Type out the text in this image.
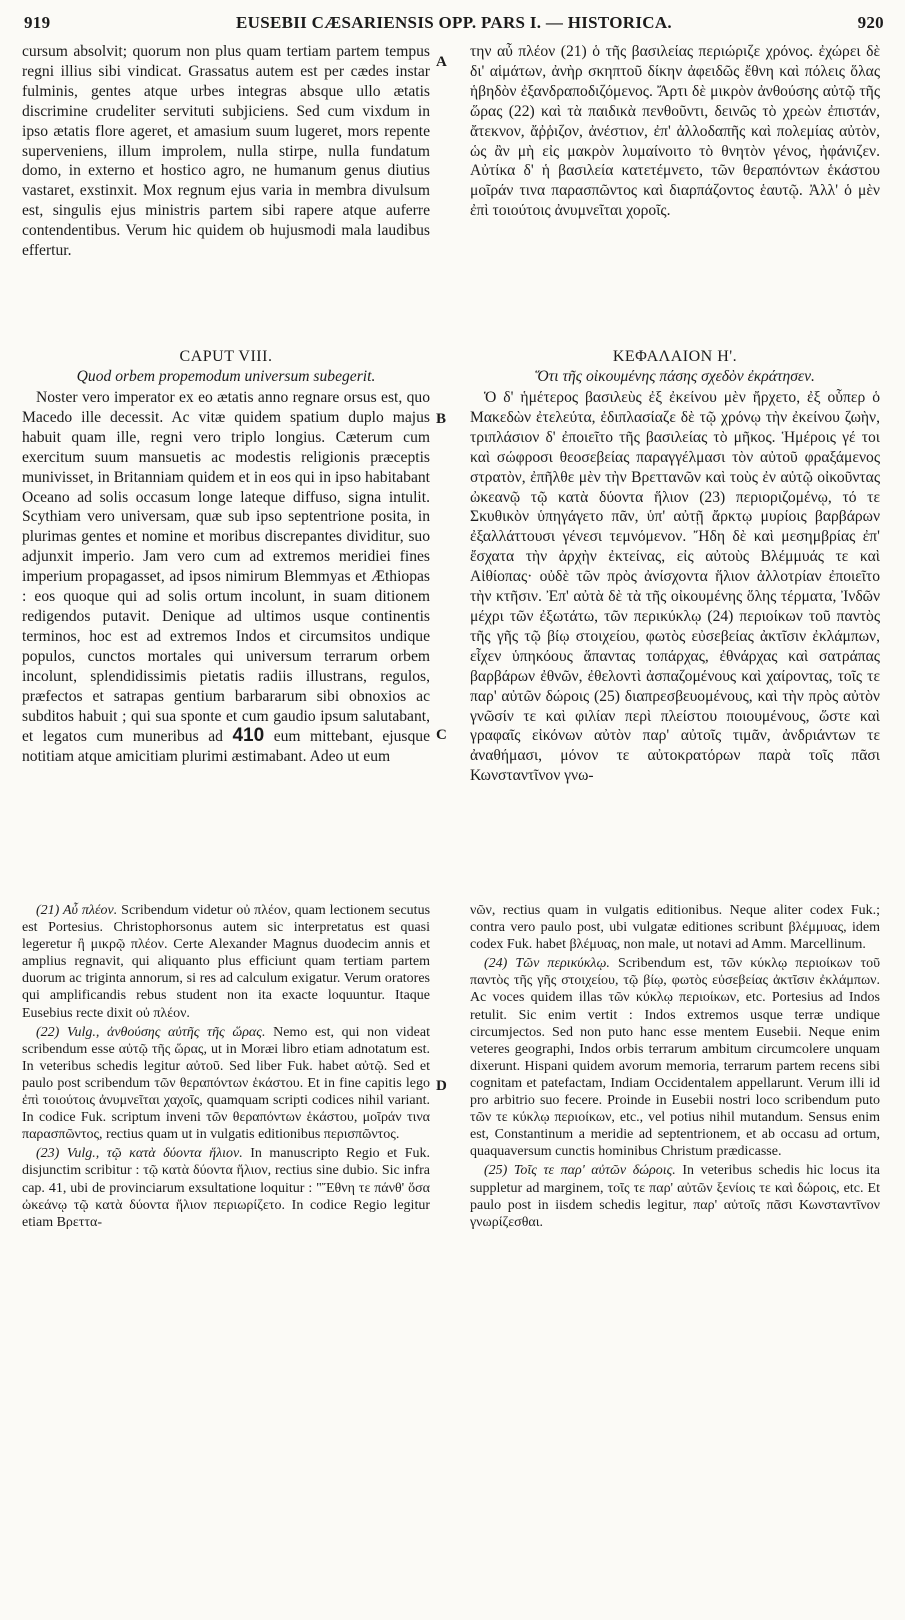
919	EUSEBII CÆSARIENSIS OPP. PARS I. — HISTORICA.	920

cursum absolvit; quorum non plus quam tertiam partem tempus regni illius sibi vindicat. Grassatus autem est per cædes instar fulminis, gentes atque urbes integras absque ullo ætatis discrimine crudeliter servituti subjiciens. Sed cum vixdum in ipso ætatis flore ageret, et amasium suum lugeret, mors repente superveniens, illum improlem, nulla stirpe, nulla fundatum domo, in externo et hostico agro, ne humanum genus diutius vastaret, exstinxit. Mox regnum ejus varia in membra divulsum est, singulis ejus ministris partem sibi rapere atque auferre contendentibus. Verum hic quidem ob hujusmodi mala laudibus effertur.

την αὖ πλέον (21) ὁ τῆς βασιλείας περιώριζε χρόνος. ἐχώρει δὲ δι' αἱμάτων, ἀνὴρ σκηπτοῦ δίκην ἀφειδῶς ἔθνη καὶ πόλεις ὅλας ἡβηδὸν ἐξανδραποδιζόμενος. Ἄρτι δὲ μικρὸν ἀνθούσης αὐτῷ τῆς ὥρας (22) καὶ τὰ παιδικὰ πενθοῦντι, δεινῶς τὸ χρεὼν ἐπιστάν, ἄτεκνον, ἄῤῥιζον, ἀνέστιον, ἐπ' ἀλλοδαπῆς καὶ πολεμίας αὐτὸν, ὡς ἂν μὴ εἰς μακρὸν λυμαίνοιτο τὸ θνητὸν γένος, ἠφάνιζεν. Αὐτίκα δ' ἡ βασιλεία κατετέμνετο, τῶν θεραπόντων ἑκάστου μοῖράν τινα παρασπῶντος καὶ διαρπάζοντος ἑαυτῷ. Ἀλλ' ὁ μὲν ἐπὶ τοιούτοις ἀνυμνεῖται χοροῖς.

A
B
C
D

CAPUT VIII.

Quod orbem propemodum universum subegerit.

Noster vero imperator ex eo ætatis anno regnare orsus est, quo Macedo ille decessit. Ac vitæ quidem spatium duplo majus habuit quam ille, regni vero triplo longius. Cæterum cum exercitum suum mansuetis ac modestis religionis præceptis munivisset, in Britanniam quidem et in eos qui in ipso habitabant Oceano ad solis occasum longe lateque diffuso, signa intulit. Scythiam vero universam, quæ sub ipso septentrione posita, in plurimas gentes et nomine et moribus discrepantes dividitur, suo adjunxit imperio. Jam vero cum ad extremos meridiei fines imperium propagasset, ad ipsos nimirum Blemmyas et Æthiopas : eos quoque qui ad solis ortum incolunt, in suam ditionem redigendos putavit. Denique ad ultimos usque continentis terminos, hoc est ad extremos Indos et circumsitos undique populos, cunctos mortales qui universum terrarum orbem incolunt, splendidissimis pietatis radiis illustrans, regulos, præfectos et satrapas gentium barbararum sibi obnoxios ac subditos habuit ; qui sua sponte et cum gaudio ipsum salutabant, et legatos cum muneribus ad 410 eum mittebant, ejusque notitiam atque amicitiam plurimi æstimabant. Adeo ut eum

ΚΕΦΑΛΑΙΟΝ Η'.

Ὅτι τῆς οἰκουμένης πάσης σχεδὸν ἐκράτησεν.

Ὁ δ' ἡμέτερος βασιλεὺς ἐξ ἐκείνου μὲν ἤρχετο, ἐξ οὗπερ ὁ Μακεδὼν ἐτελεύτα, ἐδιπλασίαζε δὲ τῷ χρόνῳ τὴν ἐκείνου ζωὴν, τριπλάσιον δ' ἐποιεῖτο τῆς βασιλείας τὸ μῆκος. Ἡμέροις γέ τοι καὶ σώφροσι θεοσεβείας παραγγέλμασι τὸν αὐτοῦ φραξάμενος στρατὸν, ἐπῆλθε μὲν τὴν Βρεττανῶν καὶ τοὺς ἐν αὐτῷ οἰκοῦντας ὠκεανῷ τῷ κατὰ δύοντα ἥλιον (23) περιοριζομένῳ, τό τε Σκυθικὸν ὑπηγάγετο πᾶν, ὑπ' αὐτῇ ἄρκτῳ μυρίοις βαρβάρων ἐξαλλάττουσι γένεσι τεμνόμενον. Ἤδη δὲ καὶ μεσημβρίας ἐπ' ἔσχατα τὴν ἀρχὴν ἐκτείνας, εἰς αὐτοὺς Βλέμμυάς τε καὶ Αἰθίοπας· οὐδὲ τῶν πρὸς ἀνίσχοντα ἥλιον ἀλλοτρίαν ἐποιεῖτο τὴν κτῆσιν. Ἐπ' αὐτὰ δὲ τὰ τῆς οἰκουμένης ὅλης τέρματα, Ἰνδῶν μέχρι τῶν ἐξωτάτω, τῶν περικύκλῳ (24) περιοίκων τοῦ παντὸς τῆς γῆς τῷ βίῳ στοιχείου, φωτὸς εὐσεβείας ἀκτῖσιν ἐκλάμπων, εἶχεν ὑπηκόους ἅπαντας τοπάρχας, ἐθνάρχας καὶ σατράπας βαρβάρων ἐθνῶν, ἐθελοντὶ ἀσπαζομένους καὶ χαίροντας, τοῖς τε παρ' αὐτῶν δώροις (25) διαπρεσβευομένους, καὶ τὴν πρὸς αὐτὸν γνῶσίν τε καὶ φιλίαν περὶ πλείστου ποιουμένους, ὥστε καὶ γραφαῖς εἰκόνων αὐτὸν παρ' αὐτοῖς τιμᾶν, ἀνδριάντων τε ἀναθήμασι, μόνον τε αὐτοκρατόρων παρὰ τοῖς πᾶσι Κωνσταντῖνον γνω-

(21) Αὖ πλέον. Scribendum videtur οὐ πλέον, quam lectionem secutus est Portesius. Christophorsonus autem sic interpretatus est quasi legeretur ἢ μικρῷ πλέον. Certe Alexander Magnus duodecim annis et amplius regnavit, qui aliquanto plus efficiunt quam tertiam partem duorum ac triginta annorum, si res ad calculum exigatur. Verum oratores qui amplificandis rebus student non ita exacte loquuntur. Itaque Eusebius recte dixit οὐ πλέον.

(22) Vulg., ἀνθούσης αὐτῆς τῆς ὥρας. Nemo est, qui non videat scribendum esse αὐτῷ τῆς ὥρας, ut in Moræi libro etiam adnotatum est. In veteribus schedis legitur αὐτοῦ. Sed liber Fuk. habet αὐτῷ. Sed et paulo post scribendum τῶν θεραπόντων ἑκάστου. Et in fine capitis lego ἐπὶ τοιούτοις ἀνυμνεῖται χαχοῖς, quamquam scripti codices nihil variant. In codice Fuk. scriptum inveni τῶν θεραπόντων ἑκάστου, μοῖράν τινα παρασπῶντος, rectius quam ut in vulgatis editionibus περισπῶντος.

(23) Vulg., τῷ κατὰ δύοντα ἥλιον. In manuscripto Regio et Fuk. disjunctim scribitur : τῷ κατὰ δύοντα ἥλιον, rectius sine dubio. Sic infra cap. 41, ubi de provinciarum exsultatione loquitur : "Ἔθνη τε πάνθ' ὅσα ὠκεάνῳ τῷ κατὰ δύοντα ἥλιον περιωρίζετο. In codice Regio legitur etiam Βρεττα-

νῶν, rectius quam in vulgatis editionibus. Neque aliter codex Fuk.; contra vero paulo post, ubi vulgatæ editiones scribunt βλέμμυας, idem codex Fuk. habet βλέμυας, non male, ut notavi ad Amm. Marcellinum.

(24) Τῶν περικύκλῳ. Scribendum est, τῶν κύκλῳ περιοίκων τοῦ παντὸς τῆς γῆς στοιχείου, τῷ βίῳ, φωτὸς εὐσεβείας ἀκτῖσιν ἐκλάμπων. Ac voces quidem illas τῶν κύκλῳ περιοίκων, etc. Portesius ad Indos retulit. Sic enim vertit : Indos extremos usque terræ undique circumjectos. Sed non puto hanc esse mentem Eusebii. Neque enim veteres geographi, Indos orbis terrarum ambitum circumcolere unquam dixerunt. Hispani quidem avorum memoria, terrarum partem recens sibi cognitam et patefactam, Indiam Occidentalem appellarunt. Verum illi id pro arbitrio suo fecere. Proinde in Eusebii nostri loco scribendum puto τῶν τε κύκλῳ περιοίκων, etc., vel potius nihil mutandum. Sensus enim est, Constantinum a meridie ad septentrionem, et ab occasu ad ortum, quaquaversum cunctis hominibus Christum prædicasse.

(25) Τοῖς τε παρ' αὐτῶν δώροις. In veteribus schedis hic locus ita suppletur ad marginem, τοῖς τε παρ' αὐτῶν ξενίοις τε καὶ δώροις, etc. Et paulo post in iisdem schedis legitur, παρ' αὐτοῖς πᾶσι Κωνσταντῖνον γνωρίζεσθαι.
